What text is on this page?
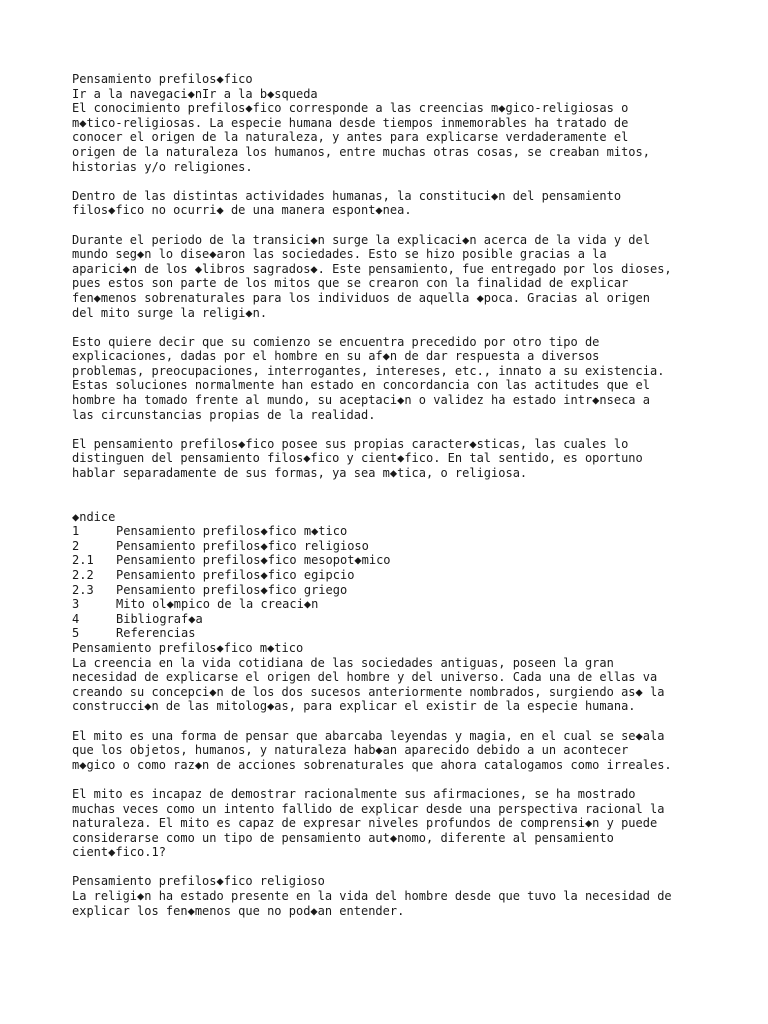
Pensamiento prefilos◆fico
Ir a la navegaci◆nIr a la b◆squeda
El conocimiento prefilos◆fico corresponde a las creencias m◆gico-religiosas o
m◆tico-religiosas. La especie humana desde tiempos inmemorables ha tratado de
conocer el origen de la naturaleza, y antes para explicarse verdaderamente el
origen de la naturaleza los humanos, entre muchas otras cosas, se creaban mitos,
historias y/o religiones.
Dentro de las distintas actividades humanas, la constituci◆n del pensamiento
filos◆fico no ocurri◆ de una manera espont◆nea.
Durante el periodo de la transici◆n surge la explicaci◆n acerca de la vida y del
mundo seg◆n lo dise◆aron las sociedades. Esto se hizo posible gracias a la
aparici◆n de los ◆libros sagrados◆. Este pensamiento, fue entregado por los dioses,
pues estos son parte de los mitos que se crearon con la finalidad de explicar
fen◆menos sobrenaturales para los individuos de aquella ◆poca. Gracias al origen
del mito surge la religi◆n.
Esto quiere decir que su comienzo se encuentra precedido por otro tipo de
explicaciones, dadas por el hombre en su af◆n de dar respuesta a diversos
problemas, preocupaciones, interrogantes, intereses, etc., innato a su existencia.
Estas soluciones normalmente han estado en concordancia con las actitudes que el
hombre ha tomado frente al mundo, su aceptaci◆n o validez ha estado intr◆nseca a
las circunstancias propias de la realidad.
El pensamiento prefilos◆fico posee sus propias caracter◆sticas, las cuales lo
distinguen del pensamiento filos◆fico y cient◆fico. En tal sentido, es oportuno
hablar separadamente de sus formas, ya sea m◆tica, o religiosa.
◆ndice
1	Pensamiento prefilos◆fico m◆tico
2	Pensamiento prefilos◆fico religioso
2.1	Pensamiento prefilos◆fico mesopot◆mico
2.2	Pensamiento prefilos◆fico egipcio
2.3	Pensamiento prefilos◆fico griego
3	Mito ol◆mpico de la creaci◆n
4	Bibliograf◆a
5	Referencias
Pensamiento prefilos◆fico m◆tico
La creencia en la vida cotidiana de las sociedades antiguas, poseen la gran
necesidad de explicarse el origen del hombre y del universo. Cada una de ellas va
creando su concepci◆n de los dos sucesos anteriormente nombrados, surgiendo as◆ la
construcci◆n de las mitolog◆as, para explicar el existir de la especie humana.
El mito es una forma de pensar que abarcaba leyendas y magia, en el cual se se◆ala
que los objetos, humanos, y naturaleza hab◆an aparecido debido a un acontecer
m◆gico o como raz◆n de acciones sobrenaturales que ahora catalogamos como irreales.
El mito es incapaz de demostrar racionalmente sus afirmaciones, se ha mostrado
muchas veces como un intento fallido de explicar desde una perspectiva racional la
naturaleza. El mito es capaz de expresar niveles profundos de comprensi◆n y puede
considerarse como un tipo de pensamiento aut◆nomo, diferente al pensamiento
cient◆fico.1?
Pensamiento prefilos◆fico religioso
La religi◆n ha estado presente en la vida del hombre desde que tuvo la necesidad de
explicar los fen◆menos que no pod◆an entender.
